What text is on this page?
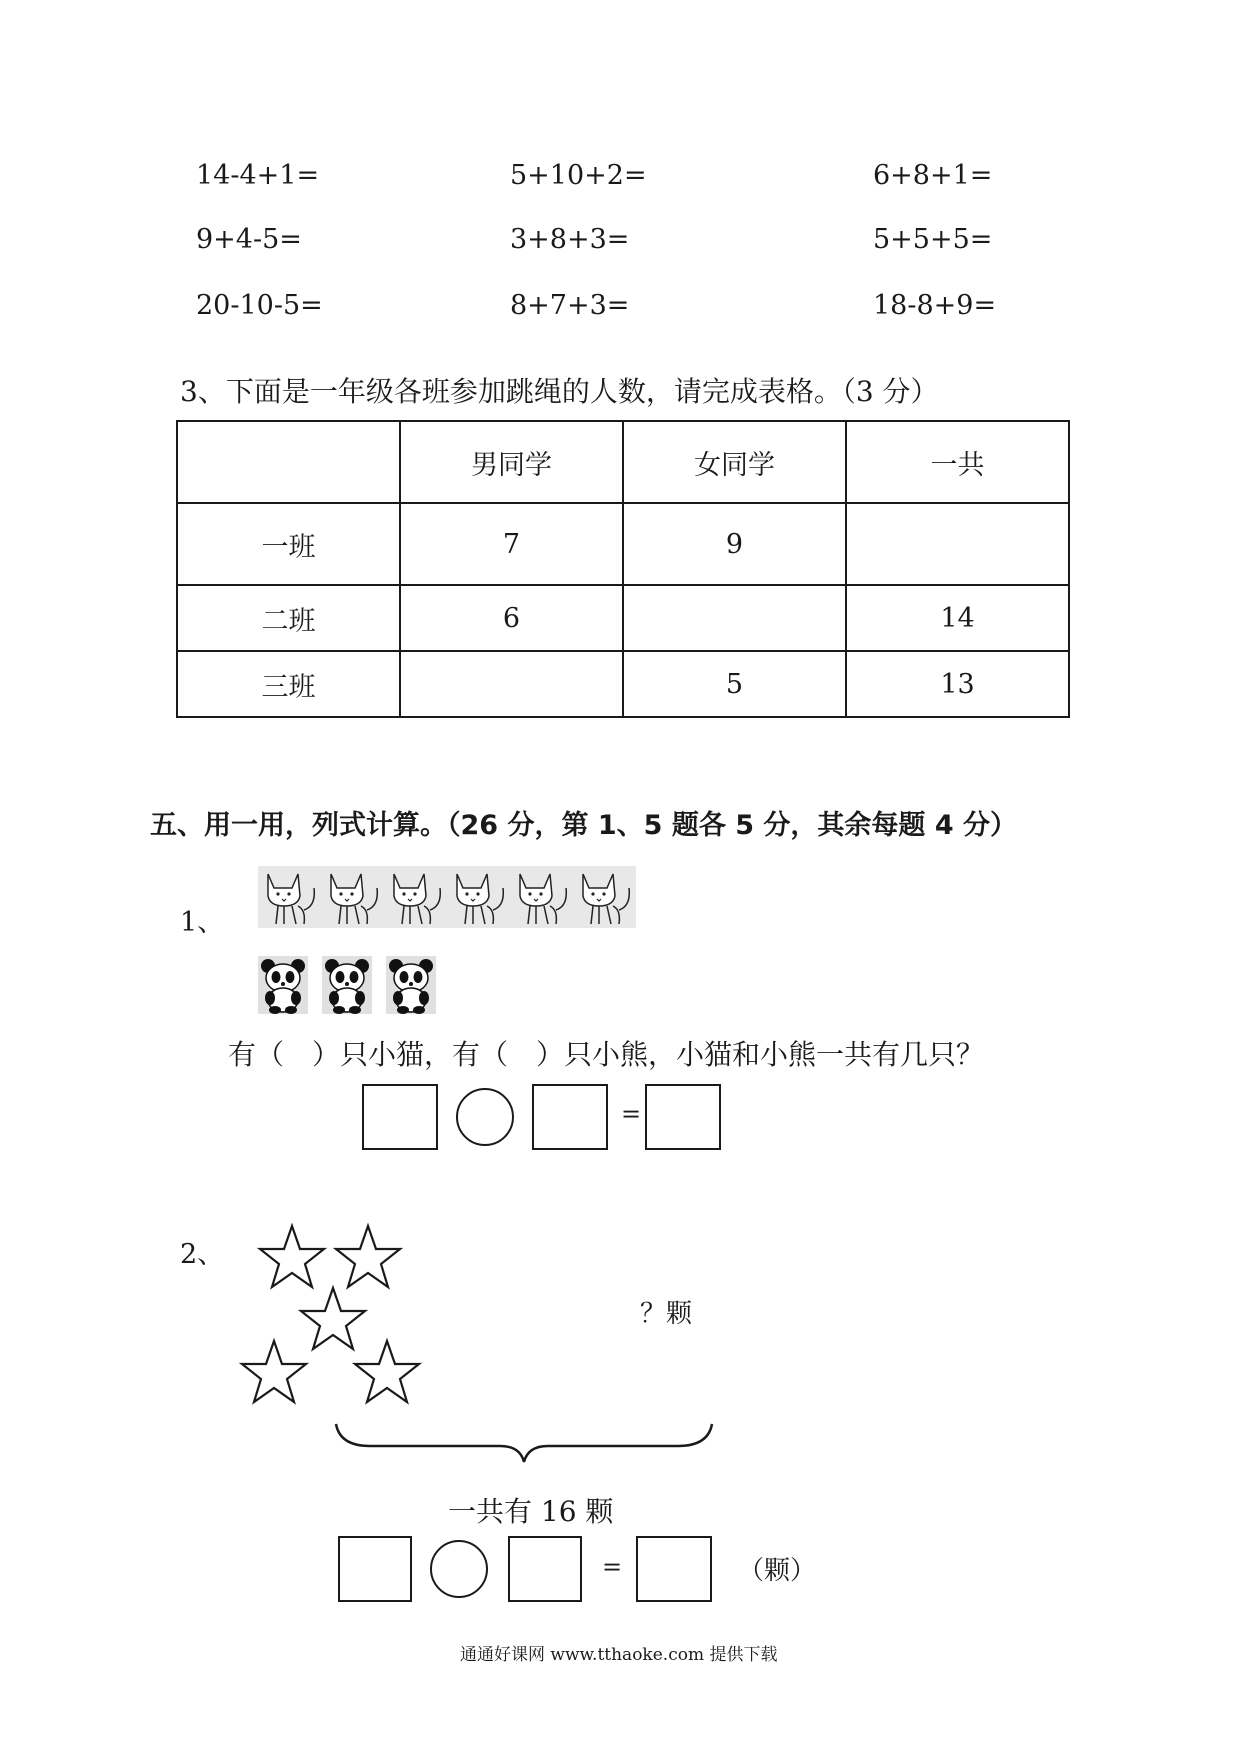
14-4+1=	5+10+2=	6+8+1=
9+4-5=	3+8+3=	5+5+5=
20-10-5=	8+7+3=	18-8+9=
3、下面是一年级各班参加跳绳的人数，请完成表格。（3 分）
	男同学	女同学	一共
一班	7	9	
二班	6		14
三班		5	13
五、用一用，列式计算。（26 分，第 1、5 题各 5 分，其余每题 4 分）
1、
有（　）只小猫，有（　）只小熊，小猫和小熊一共有几只？
=
2、
？颗
一共有 16 颗
=	（颗）
通通好课网 www.tthaoke.com 提供下载
